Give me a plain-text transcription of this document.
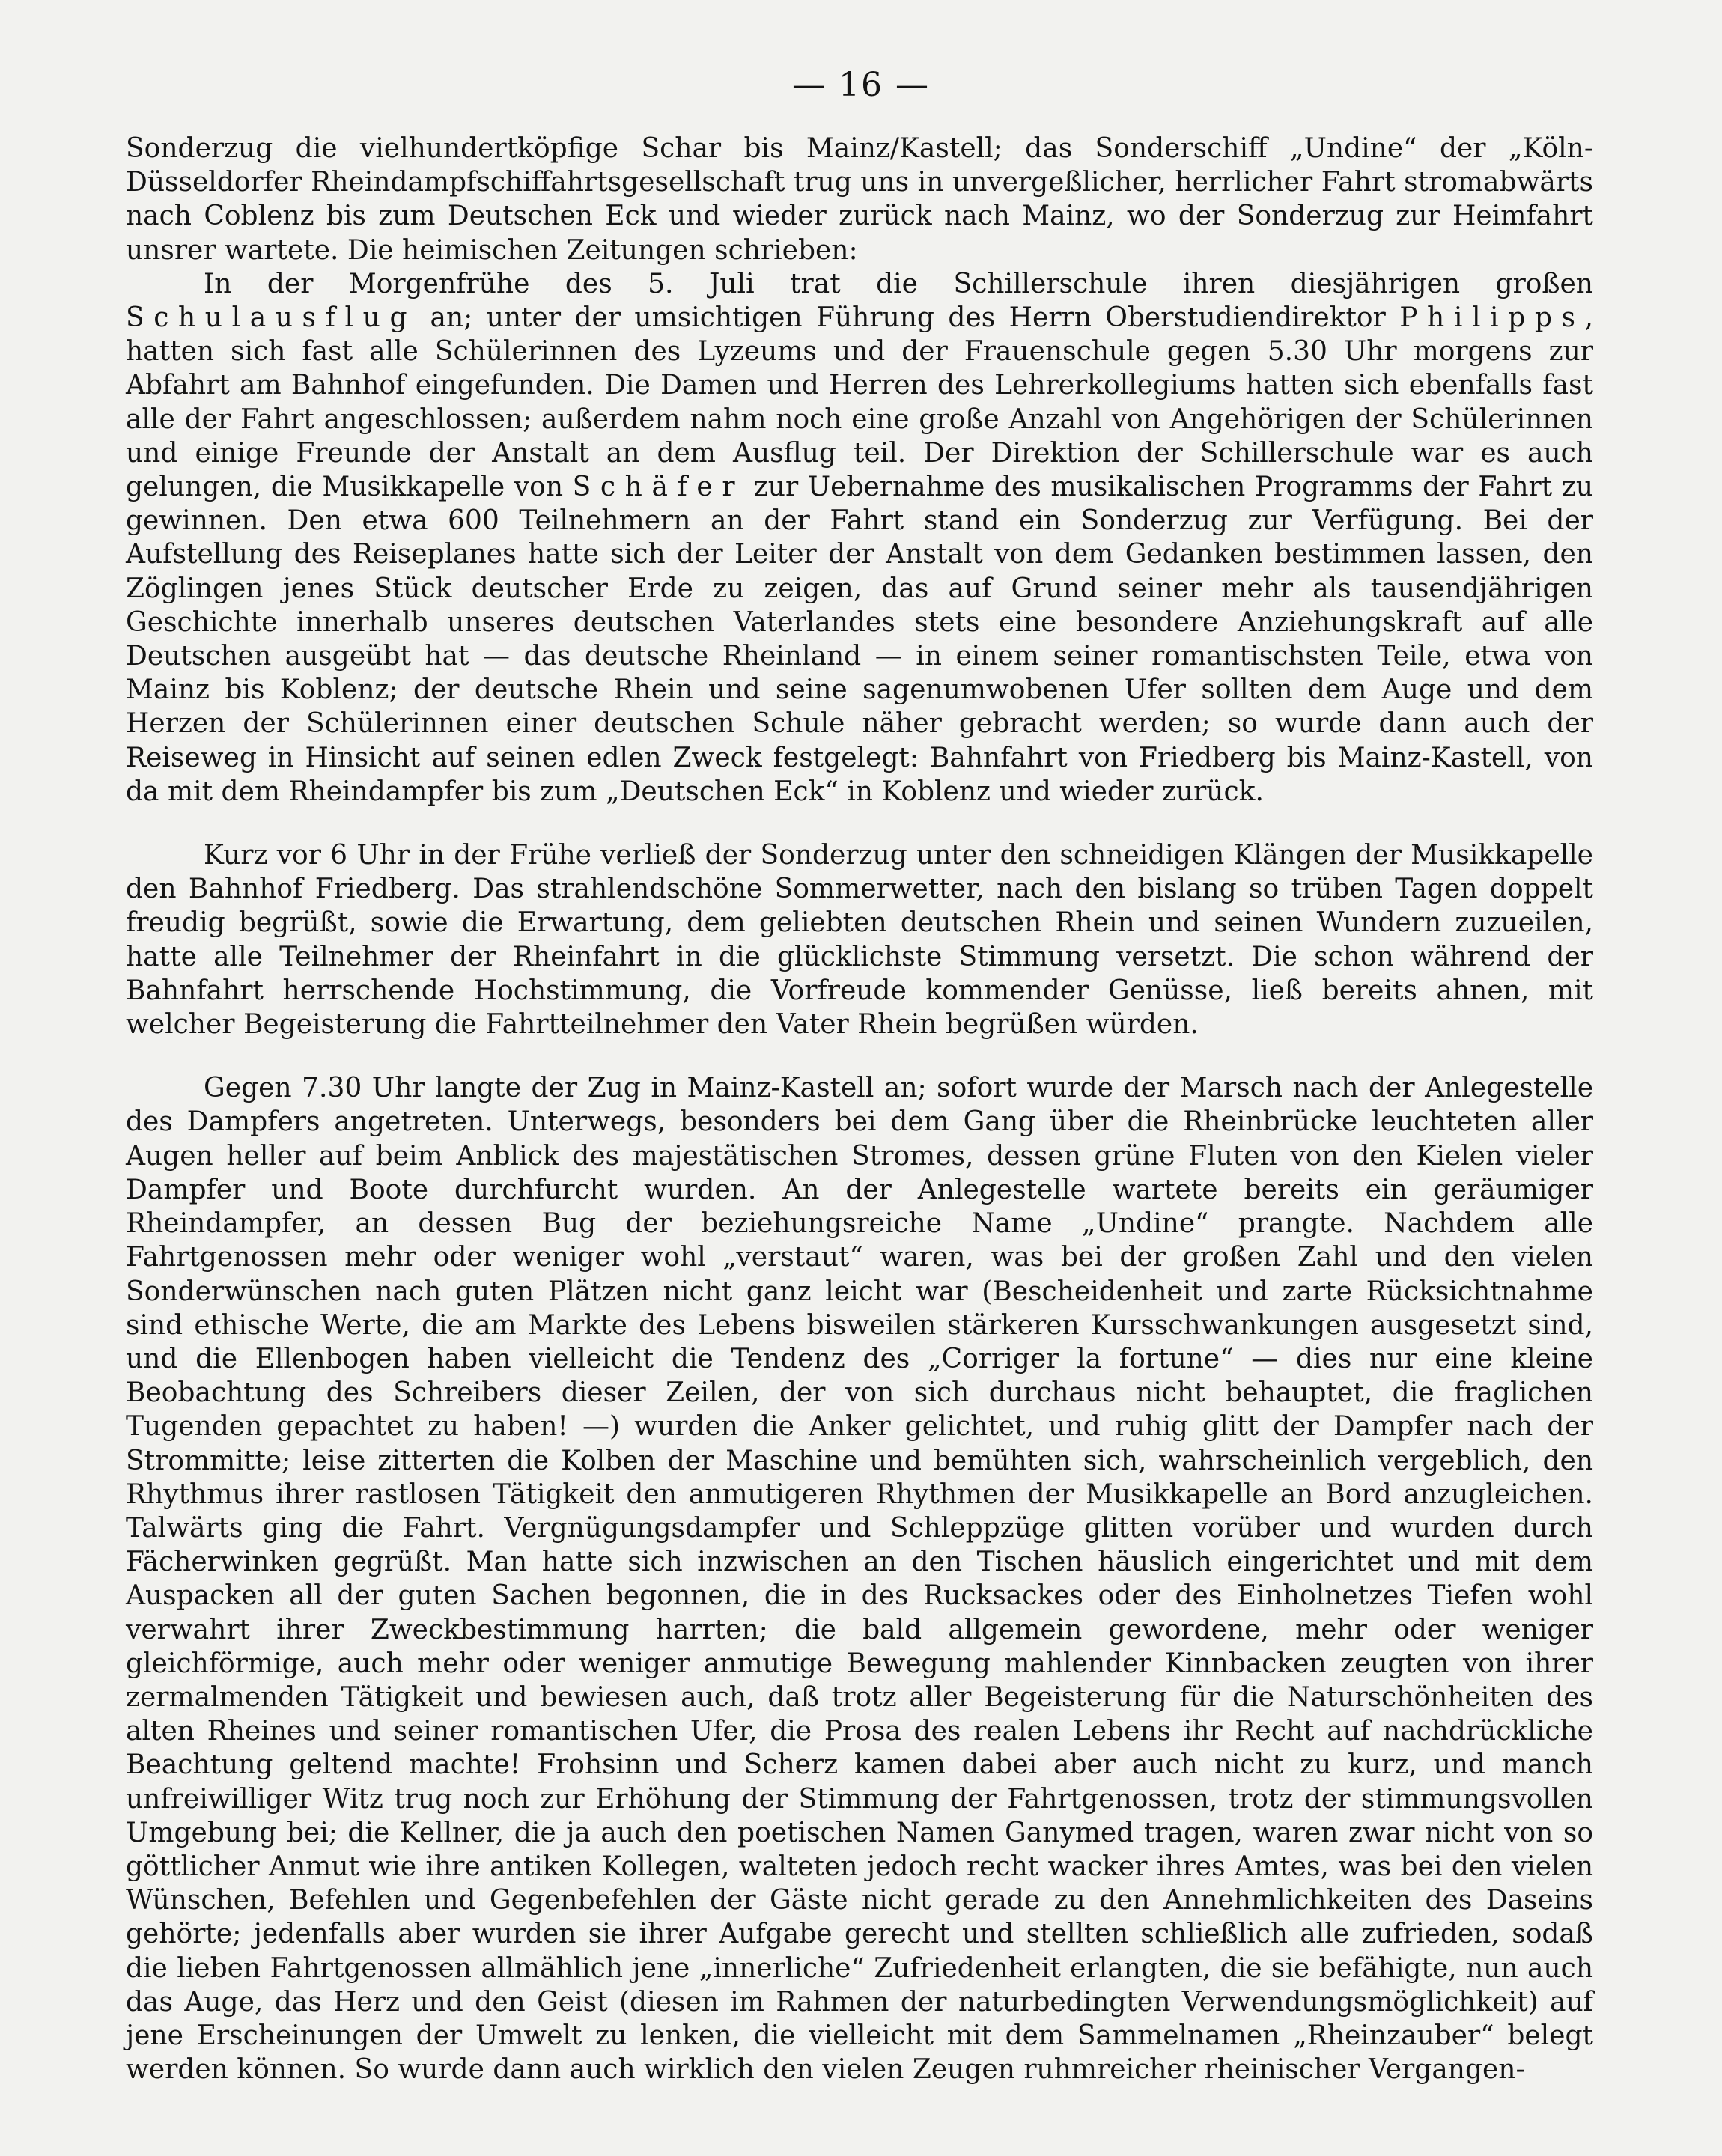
— 16 —

Sonderzug die vielhundertköpfige Schar bis Mainz/Kastell; das Sonderschiff „Undine“ der „Köln-Düsseldorfer Rheindampfschiffahrtsgesellschaft trug uns in unvergeßlicher, herrlicher Fahrt stromabwärts nach Coblenz bis zum Deutschen Eck und wieder zurück nach Mainz, wo der Sonderzug zur Heimfahrt unsrer wartete. Die heimischen Zeitungen schrieben:

In der Morgenfrühe des 5. Juli trat die Schillerschule ihren diesjährigen großen Schulausflug an; unter der umsichtigen Führung des Herrn Oberstudiendirektor Philipps, hatten sich fast alle Schülerinnen des Lyzeums und der Frauenschule gegen 5.30 Uhr morgens zur Abfahrt am Bahnhof eingefunden. Die Damen und Herren des Lehrerkollegiums hatten sich ebenfalls fast alle der Fahrt angeschlossen; außerdem nahm noch eine große Anzahl von Angehörigen der Schülerinnen und einige Freunde der Anstalt an dem Ausflug teil. Der Direktion der Schillerschule war es auch gelungen, die Musikkapelle von Schäfer zur Uebernahme des musikalischen Programms der Fahrt zu gewinnen. Den etwa 600 Teilnehmern an der Fahrt stand ein Sonderzug zur Verfügung. Bei der Aufstellung des Reiseplanes hatte sich der Leiter der Anstalt von dem Gedanken bestimmen lassen, den Zöglingen jenes Stück deutscher Erde zu zeigen, das auf Grund seiner mehr als tausendjährigen Geschichte innerhalb unseres deutschen Vaterlandes stets eine besondere Anziehungskraft auf alle Deutschen ausgeübt hat — das deutsche Rheinland — in einem seiner romantischsten Teile, etwa von Mainz bis Koblenz; der deutsche Rhein und seine sagenumwobenen Ufer sollten dem Auge und dem Herzen der Schülerinnen einer deutschen Schule näher gebracht werden; so wurde dann auch der Reiseweg in Hinsicht auf seinen edlen Zweck festgelegt: Bahnfahrt von Friedberg bis Mainz-Kastell, von da mit dem Rheindampfer bis zum „Deutschen Eck“ in Koblenz und wieder zurück.

Kurz vor 6 Uhr in der Frühe verließ der Sonderzug unter den schneidigen Klängen der Musikkapelle den Bahnhof Friedberg. Das strahlendschöne Sommerwetter, nach den bislang so trüben Tagen doppelt freudig begrüßt, sowie die Erwartung, dem geliebten deutschen Rhein und seinen Wundern zuzueilen, hatte alle Teilnehmer der Rheinfahrt in die glücklichste Stimmung versetzt. Die schon während der Bahnfahrt herrschende Hochstimmung, die Vorfreude kommender Genüsse, ließ bereits ahnen, mit welcher Begeisterung die Fahrtteilnehmer den Vater Rhein begrüßen würden.

Gegen 7.30 Uhr langte der Zug in Mainz-Kastell an; sofort wurde der Marsch nach der Anlegestelle des Dampfers angetreten. Unterwegs, besonders bei dem Gang über die Rheinbrücke leuchteten aller Augen heller auf beim Anblick des majestätischen Stromes, dessen grüne Fluten von den Kielen vieler Dampfer und Boote durchfurcht wurden. An der Anlegestelle wartete bereits ein geräumiger Rheindampfer, an dessen Bug der beziehungsreiche Name „Undine“ prangte. Nachdem alle Fahrtgenossen mehr oder weniger wohl „verstaut“ waren, was bei der großen Zahl und den vielen Sonderwünschen nach guten Plätzen nicht ganz leicht war (Bescheidenheit und zarte Rücksichtnahme sind ethische Werte, die am Markte des Lebens bisweilen stärkeren Kursschwankungen ausgesetzt sind, und die Ellenbogen haben vielleicht die Tendenz des „Corriger la fortune“ — dies nur eine kleine Beobachtung des Schreibers dieser Zeilen, der von sich durchaus nicht behauptet, die fraglichen Tugenden gepachtet zu haben! —) wurden die Anker gelichtet, und ruhig glitt der Dampfer nach der Strommitte; leise zitterten die Kolben der Maschine und bemühten sich, wahrscheinlich vergeblich, den Rhythmus ihrer rastlosen Tätigkeit den anmutigeren Rhythmen der Musikkapelle an Bord anzugleichen. Talwärts ging die Fahrt. Vergnügungsdampfer und Schleppzüge glitten vorüber und wurden durch Fächerwinken gegrüßt. Man hatte sich inzwischen an den Tischen häuslich eingerichtet und mit dem Auspacken all der guten Sachen begonnen, die in des Rucksackes oder des Einholnetzes Tiefen wohl verwahrt ihrer Zweckbestimmung harrten; die bald allgemein gewordene, mehr oder weniger gleichförmige, auch mehr oder weniger anmutige Bewegung mahlender Kinnbacken zeugten von ihrer zermalmenden Tätigkeit und bewiesen auch, daß trotz aller Begeisterung für die Naturschönheiten des alten Rheines und seiner romantischen Ufer, die Prosa des realen Lebens ihr Recht auf nachdrückliche Beachtung geltend machte! Frohsinn und Scherz kamen dabei aber auch nicht zu kurz, und manch unfreiwilliger Witz trug noch zur Erhöhung der Stimmung der Fahrtgenossen, trotz der stimmungsvollen Umgebung bei; die Kellner, die ja auch den poetischen Namen Ganymed tragen, waren zwar nicht von so göttlicher Anmut wie ihre antiken Kollegen, walteten jedoch recht wacker ihres Amtes, was bei den vielen Wünschen, Befehlen und Gegenbefehlen der Gäste nicht gerade zu den Annehmlichkeiten des Daseins gehörte; jedenfalls aber wurden sie ihrer Aufgabe gerecht und stellten schließlich alle zufrieden, sodaß die lieben Fahrtgenossen allmählich jene „innerliche“ Zufriedenheit erlangten, die sie befähigte, nun auch das Auge, das Herz und den Geist (diesen im Rahmen der naturbedingten Verwendungsmöglichkeit) auf jene Erscheinungen der Umwelt zu lenken, die vielleicht mit dem Sammelnamen „Rheinzauber“ belegt werden können. So wurde dann auch wirklich den vielen Zeugen ruhmreicher rheinischer Vergangen-
